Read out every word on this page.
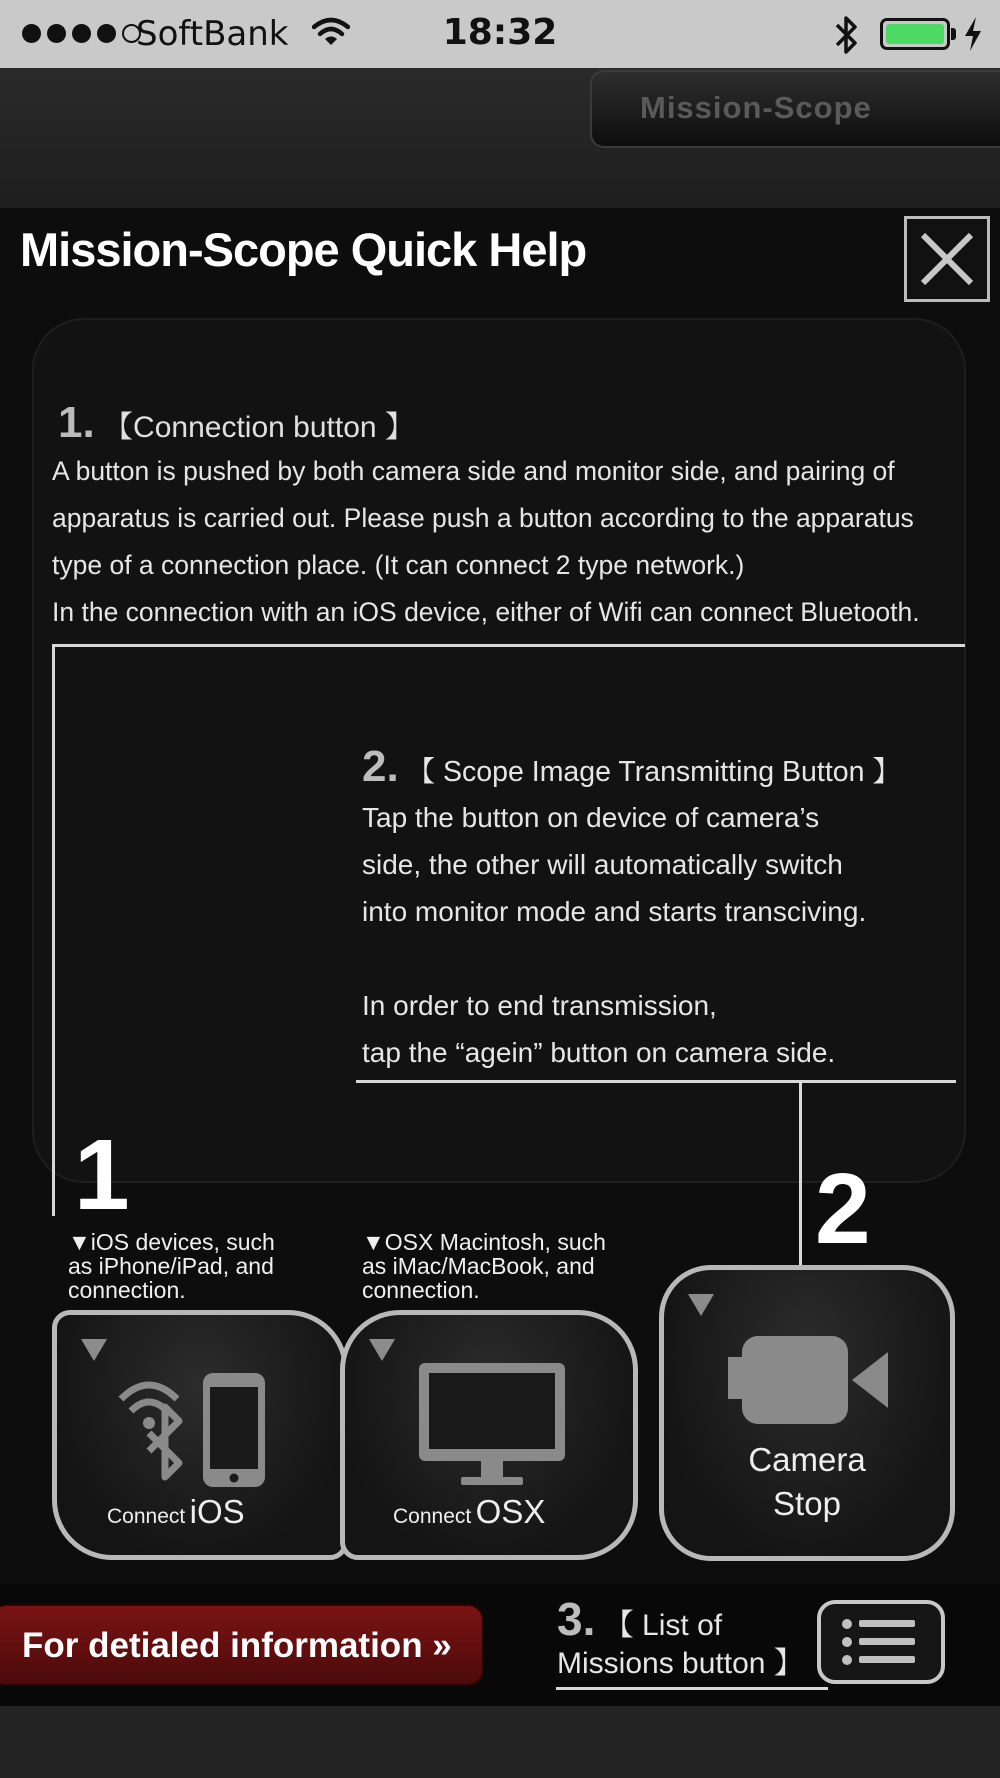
SoftBank	18:32
Mission-Scope
Mission-Scope Quick Help
1. 【Connection button 】

A button is pushed by both camera side and monitor side, and pairing of

apparatus is carried out. Please push a button according to the apparatus

type of a connection place. (It can connect 2 type network.)

In the connection with an iOS device, either of Wifi can connect Bluetooth.

2. 【 Scope Image Transmitting Button 】

Tap the button on device of camera’s

side, the other will automatically switch

into monitor mode and starts transciving.

In order to end transmission,

tap the “agein” button on camera side.

1	2
▼iOS devices, such
as iPhone/iPad, and
connection.
▼OSX Macintosh, such
as iMac/MacBook, and
connection.
Connect iOS	Connect OSX
Camera
Stop
For detialed information »
3. 【 List of
Missions button 】
